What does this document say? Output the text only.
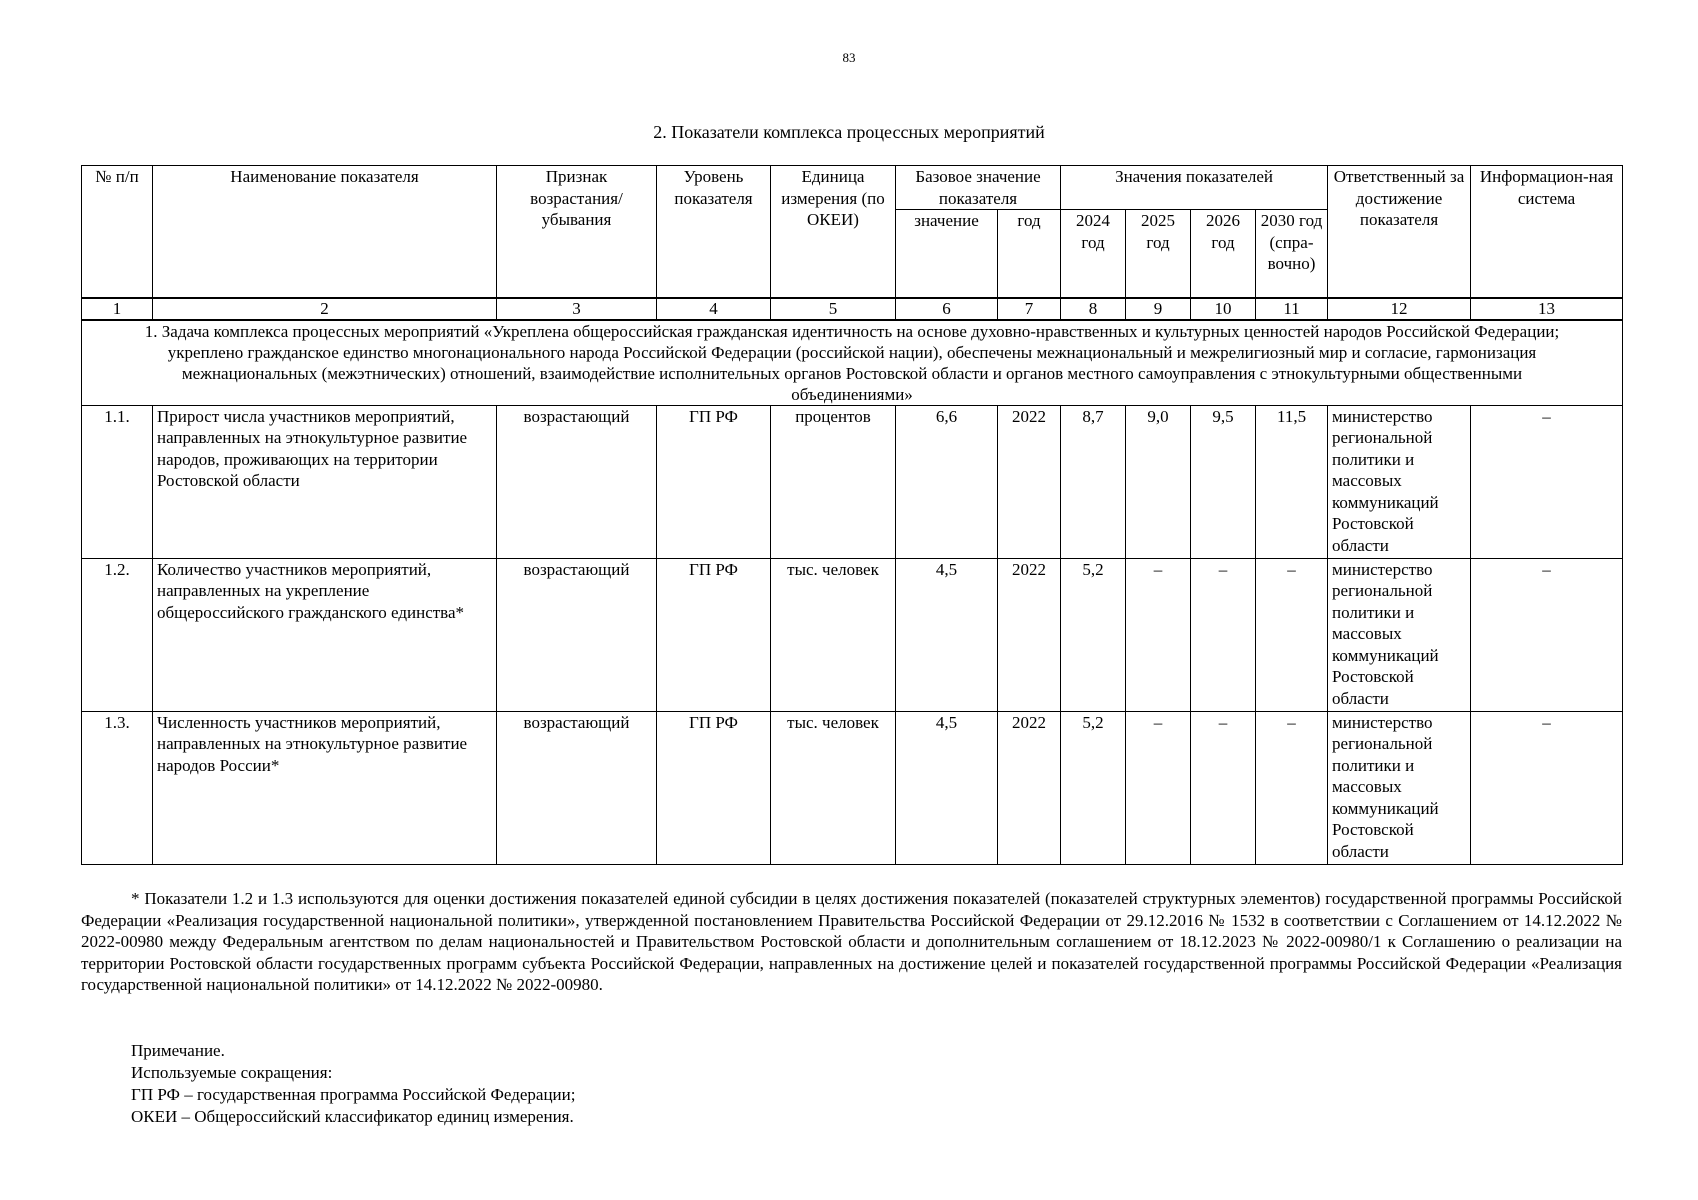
83
2. Показатели комплекса процессных мероприятий
№ п/п	Наименование показателя	Признак возрастания/ убывания	Уровень показателя	Единица измерения (по ОКЕИ)	Базовое значение показателя		Значения показателей				Ответственный за достижение показателя	Информацион-ная система
					значение	год	2024 год	2025 год	2026 год	2030 год (спра-вочно)		
1	2	3	4	5	6	7	8	9	10	11	12	13
1. Задача комплекса процессных мероприятий «Укреплена общероссийская гражданская идентичность на основе духовно-нравственных и культурных ценностей народов Российской Федерации; укреплено гражданское единство многонационального народа Российской Федерации (российской нации), обеспечены межнациональный и межрелигиозный мир и согласие, гармонизация межнациональных (межэтнических) отношений, взаимодействие исполнительных органов Ростовской области и органов местного самоуправления с этнокультурными общественными объединениями»												
1.1.	Прирост числа участников мероприятий, направленных на этнокультурное развитие народов, проживающих на территории Ростовской области	возрастающий	ГП РФ	процентов	6,6	2022	8,7	9,0	9,5	11,5	министерство региональной политики и массовых коммуникаций Ростовской области	–
1.2.	Количество участников мероприятий, направленных на укрепление общероссийского гражданского единства*	возрастающий	ГП РФ	тыс. человек	4,5	2022	5,2	–	–	–	министерство региональной политики и массовых коммуникаций Ростовской области	–
1.3.	Численность участников мероприятий, направленных на этнокультурное развитие народов России*	возрастающий	ГП РФ	тыс. человек	4,5	2022	5,2	–	–	–	министерство региональной политики и массовых коммуникаций Ростовской области	–

* Показатели 1.2 и 1.3 используются для оценки достижения показателей единой субсидии в целях достижения показателей (показателей структурных элементов) государственной программы Российской Федерации «Реализация государственной национальной политики», утвержденной постановлением Правительства Российской Федерации от 29.12.2016 № 1532 в соответствии с Соглашением от 14.12.2022 № 2022-00980 между Федеральным агентством по делам национальностей и Правительством Ростовской области и дополнительным соглашением от 18.12.2023 № 2022-00980/1 к Соглашению о реализации на территории Ростовской области государственных программ субъекта Российской Федерации, направленных на достижение целей и показателей государственной программы Российской Федерации «Реализация государственной национальной политики» от 14.12.2022 № 2022-00980.

Примечание.
Используемые сокращения:
ГП РФ – государственная программа Российской Федерации;
ОКЕИ – Общероссийский классификатор единиц измерения.
